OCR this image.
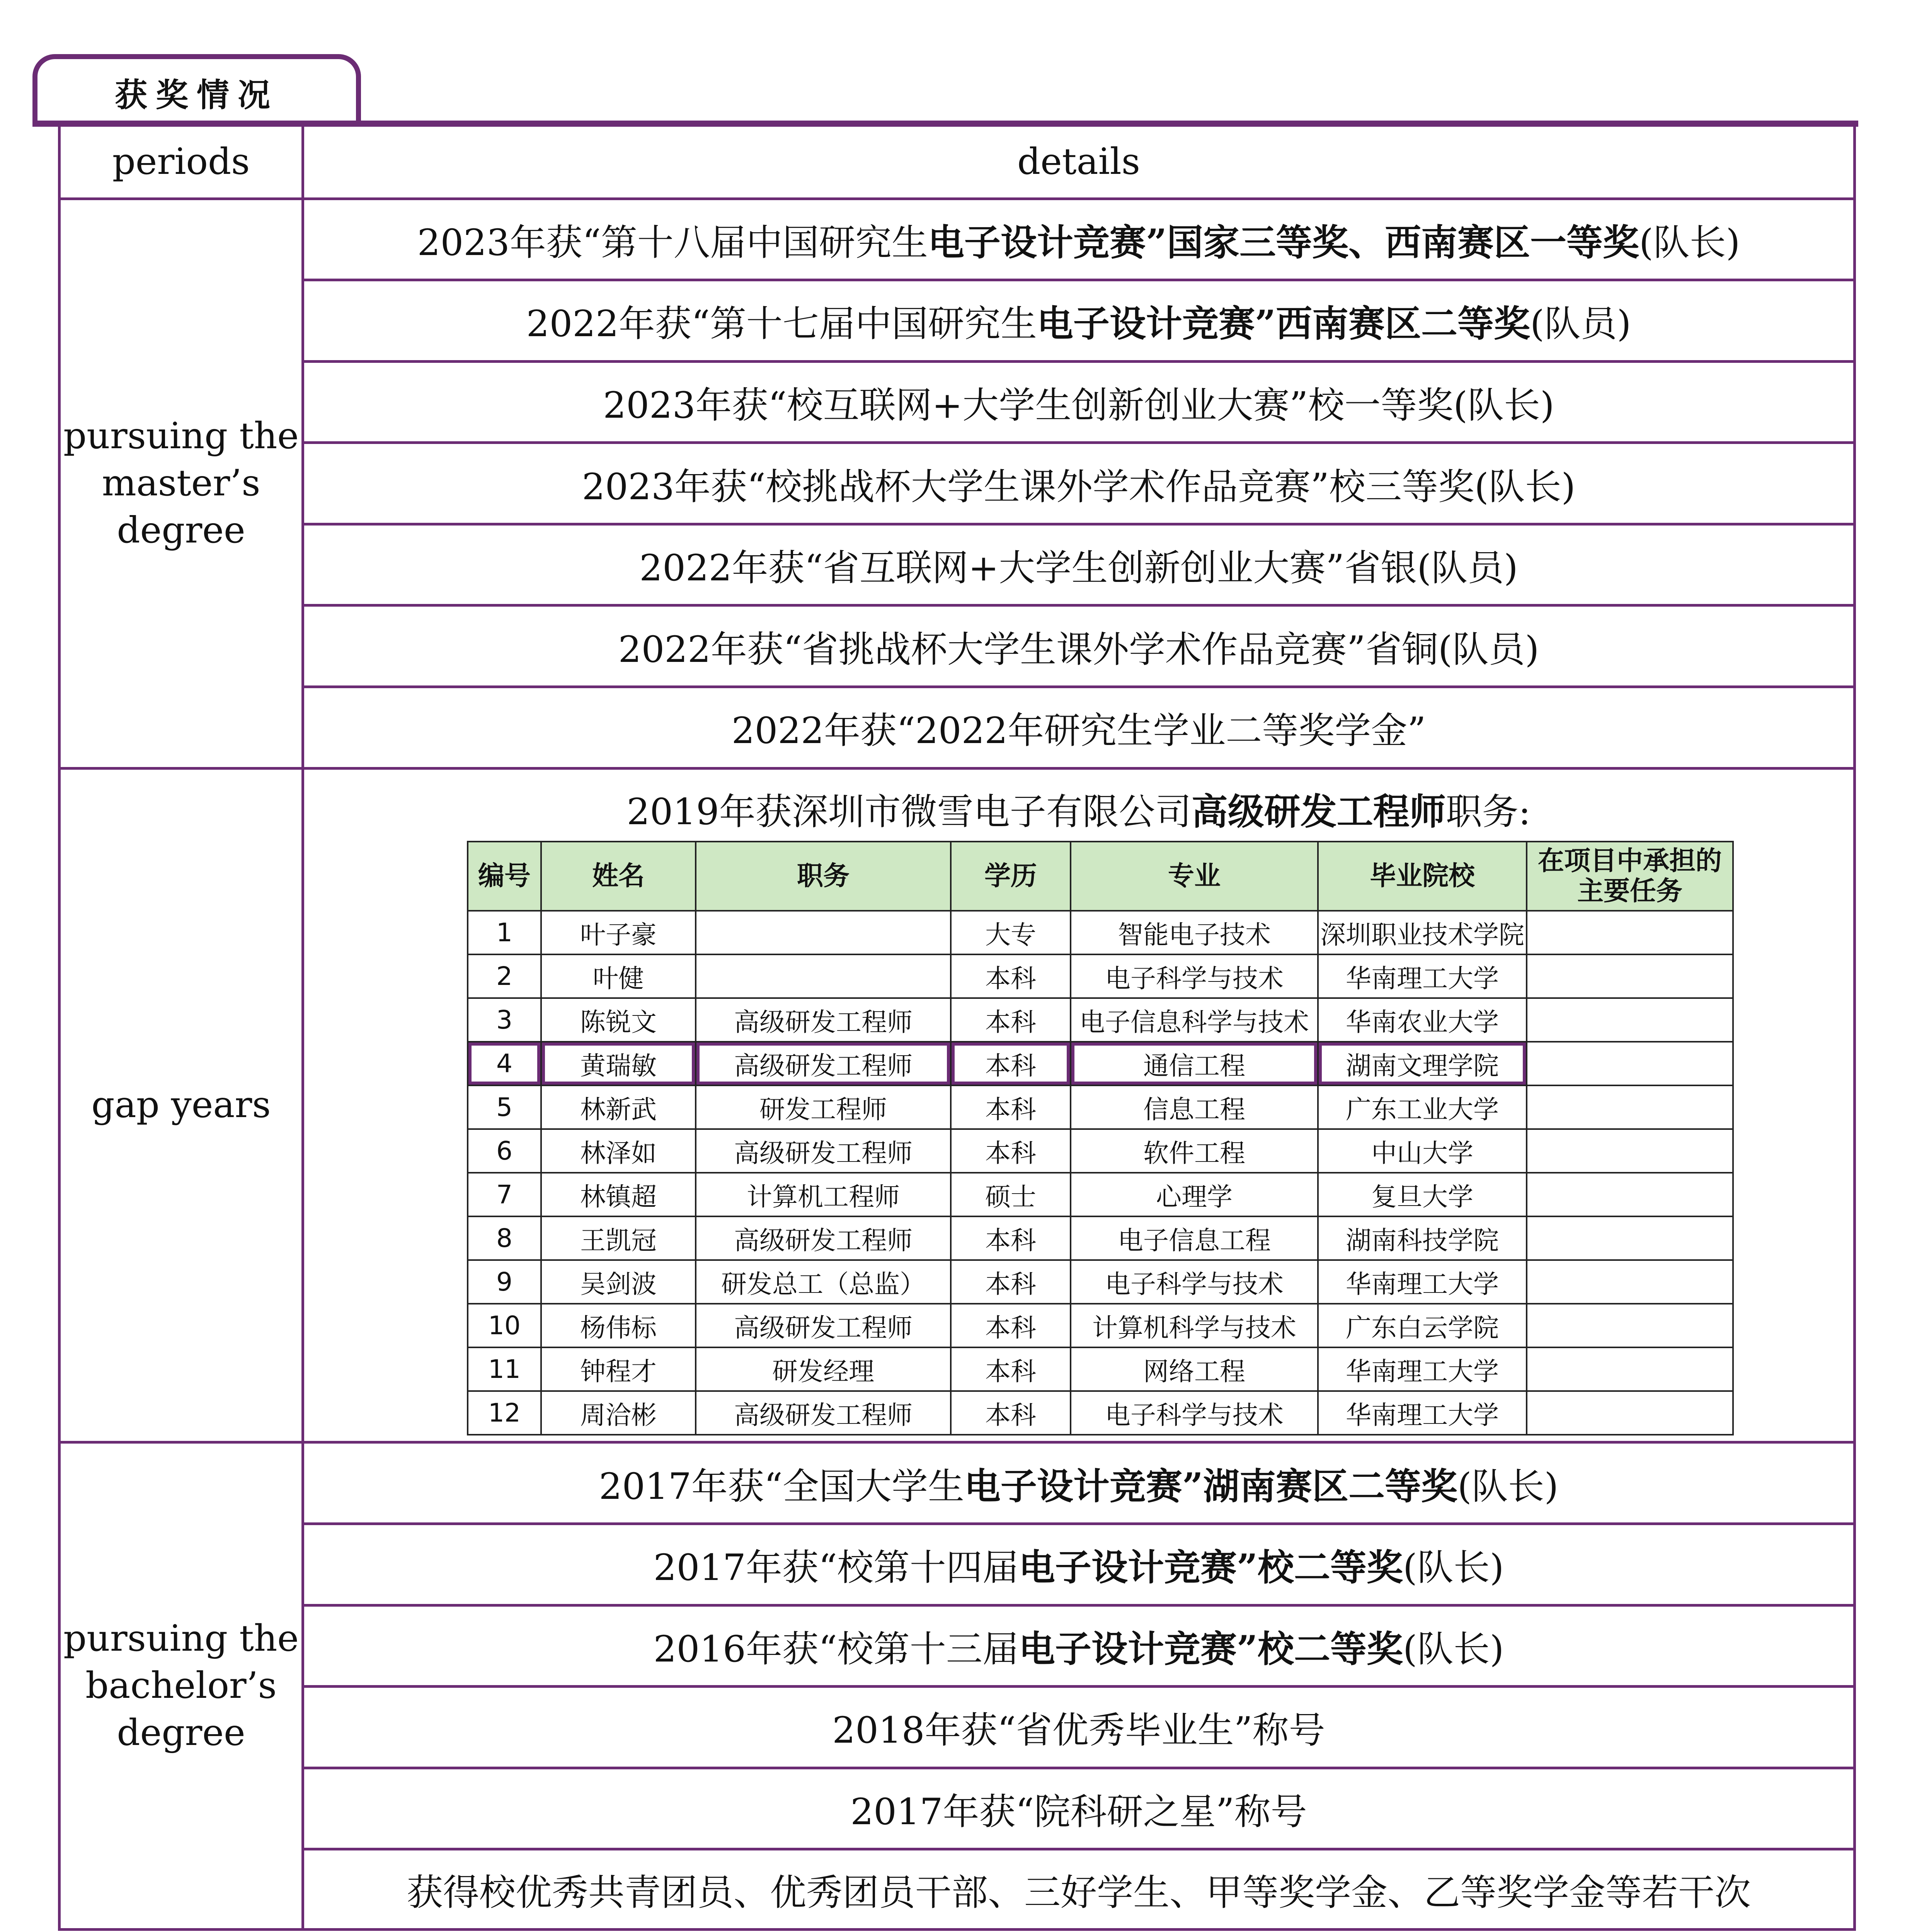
获奖情况
periods	details
pursuing the master’s degree	2023年获“第十八届中国研究生电子设计竞赛”国家三等奖、西南赛区一等奖(队长)
2022年获“第十七届中国研究生电子设计竞赛”西南赛区二等奖(队员)
2023年获“校互联网+大学生创新创业大赛”校一等奖(队长)
2023年获“校挑战杯大学生课外学术作品竞赛”校三等奖(队长)
2022年获“省互联网+大学生创新创业大赛”省银(队员)
2022年获“省挑战杯大学生课外学术作品竞赛”省铜(队员)
2022年获“2022年研究生学业二等奖学金”
gap years	
2019年获深圳市微雪电子有限公司高级研发工程师职务:
编号	姓名	职务	学历	专业	毕业院校	在项目中承担的主要任务
1	叶子豪		大专	智能电子技术	深圳职业技术学院	
2	叶健		本科	电子科学与技术	华南理工大学	
3	陈锐文	高级研发工程师	本科	电子信息科学与技术	华南农业大学	
4	黄瑞敏	高级研发工程师	本科	通信工程	湖南文理学院	
5	林新武	研发工程师	本科	信息工程	广东工业大学	
6	林泽如	高级研发工程师	本科	软件工程	中山大学	
7	林镇超	计算机工程师	硕士	心理学	复旦大学	
8	王凯冠	高级研发工程师	本科	电子信息工程	湖南科技学院	
9	吴剑波	研发总工（总监）	本科	电子科学与技术	华南理工大学	
10	杨伟标	高级研发工程师	本科	计算机科学与技术	广东白云学院	
11	钟程才	研发经理	本科	网络工程	华南理工大学	
12	周洽彬	高级研发工程师	本科	电子科学与技术	华南理工大学	

pursuing the bachelor’s degree	2017年获“全国大学生电子设计竞赛”湖南赛区二等奖(队长)
2017年获“校第十四届电子设计竞赛”校二等奖(队长)
2016年获“校第十三届电子设计竞赛”校二等奖(队长)
2018年获“省优秀毕业生”称号
2017年获“院科研之星”称号
获得校优秀共青团员、优秀团员干部、三好学生、甲等奖学金、乙等奖学金等若干次
